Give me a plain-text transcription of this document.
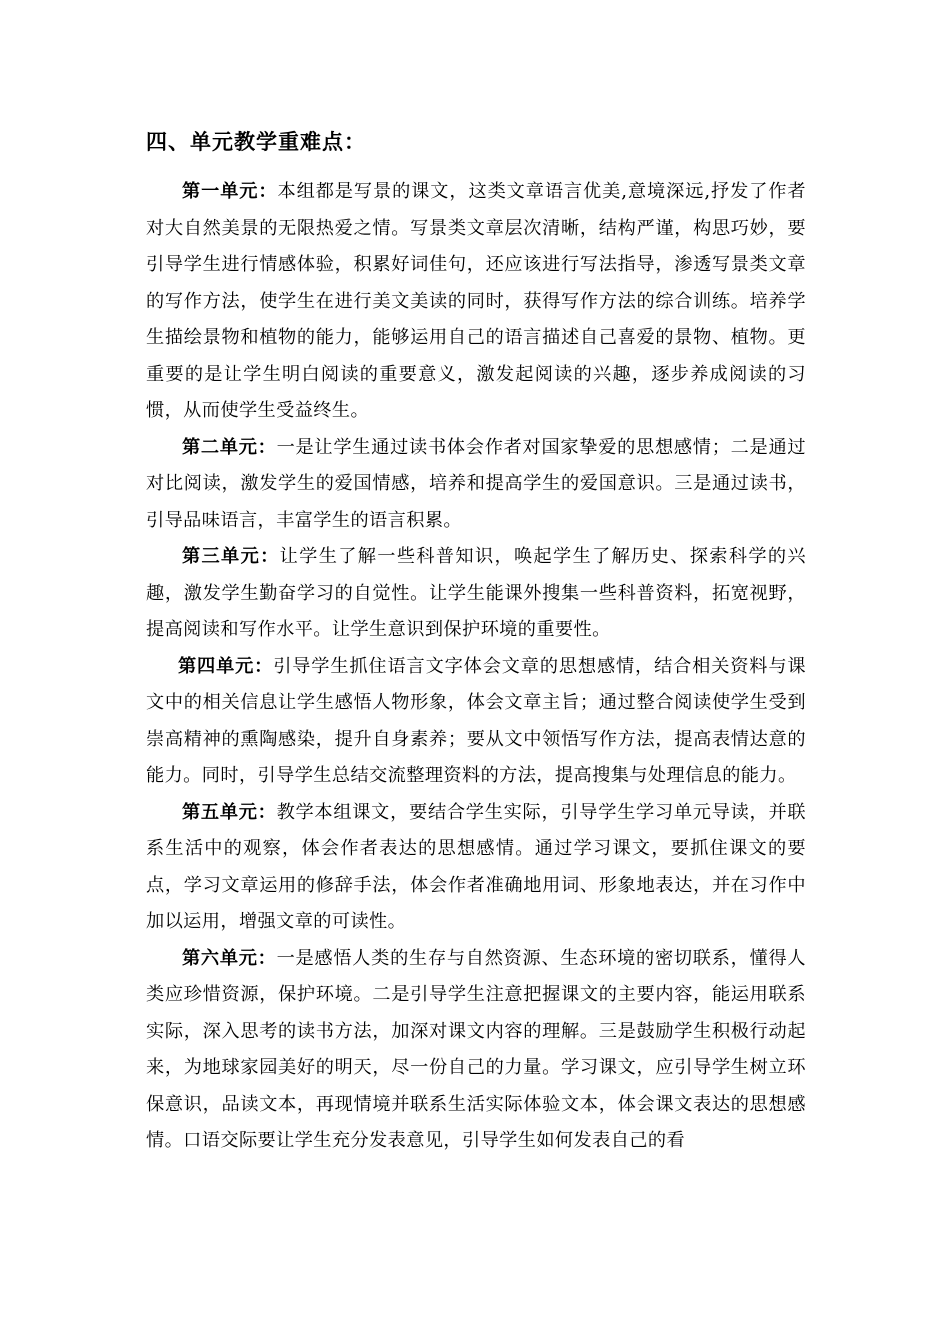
四、单元教学重难点：

第一单元：本组都是写景的课文，这类文章语言优美,意境深远,抒发了作者对大自然美景的无限热爱之情。写景类文章层次清晰，结构严谨，构思巧妙，要引导学生进行情感体验，积累好词佳句，还应该进行写法指导，渗透写景类文章的写作方法，使学生在进行美文美读的同时，获得写作方法的综合训练。培养学生描绘景物和植物的能力，能够运用自己的语言描述自己喜爱的景物、植物。更重要的是让学生明白阅读的重要意义，激发起阅读的兴趣，逐步养成阅读的习惯，从而使学生受益终生。

第二单元：一是让学生通过读书体会作者对国家挚爱的思想感情；二是通过对比阅读，激发学生的爱国情感，培养和提高学生的爱国意识。三是通过读书，引导品味语言，丰富学生的语言积累。

第三单元：让学生了解一些科普知识，唤起学生了解历史、探索科学的兴趣，激发学生勤奋学习的自觉性。让学生能课外搜集一些科普资料，拓宽视野，提高阅读和写作水平。让学生意识到保护环境的重要性。

第四单元：引导学生抓住语言文字体会文章的思想感情，结合相关资料与课文中的相关信息让学生感悟人物形象，体会文章主旨；通过整合阅读使学生受到崇高精神的熏陶感染，提升自身素养；要从文中领悟写作方法，提高表情达意的能力。同时，引导学生总结交流整理资料的方法，提高搜集与处理信息的能力。

第五单元：教学本组课文，要结合学生实际，引导学生学习单元导读，并联系生活中的观察，体会作者表达的思想感情。通过学习课文，要抓住课文的要点，学习文章运用的修辞手法，体会作者准确地用词、形象地表达，并在习作中加以运用，增强文章的可读性。

第六单元：一是感悟人类的生存与自然资源、生态环境的密切联系，懂得人类应珍惜资源，保护环境。二是引导学生注意把握课文的主要内容，能运用联系实际，深入思考的读书方法，加深对课文内容的理解。三是鼓励学生积极行动起来，为地球家园美好的明天，尽一份自己的力量。学习课文，应引导学生树立环保意识，品读文本，再现情境并联系生活实际体验文本，体会课文表达的思想感情。口语交际要让学生充分发表意见，引导学生如何发表自己的看
